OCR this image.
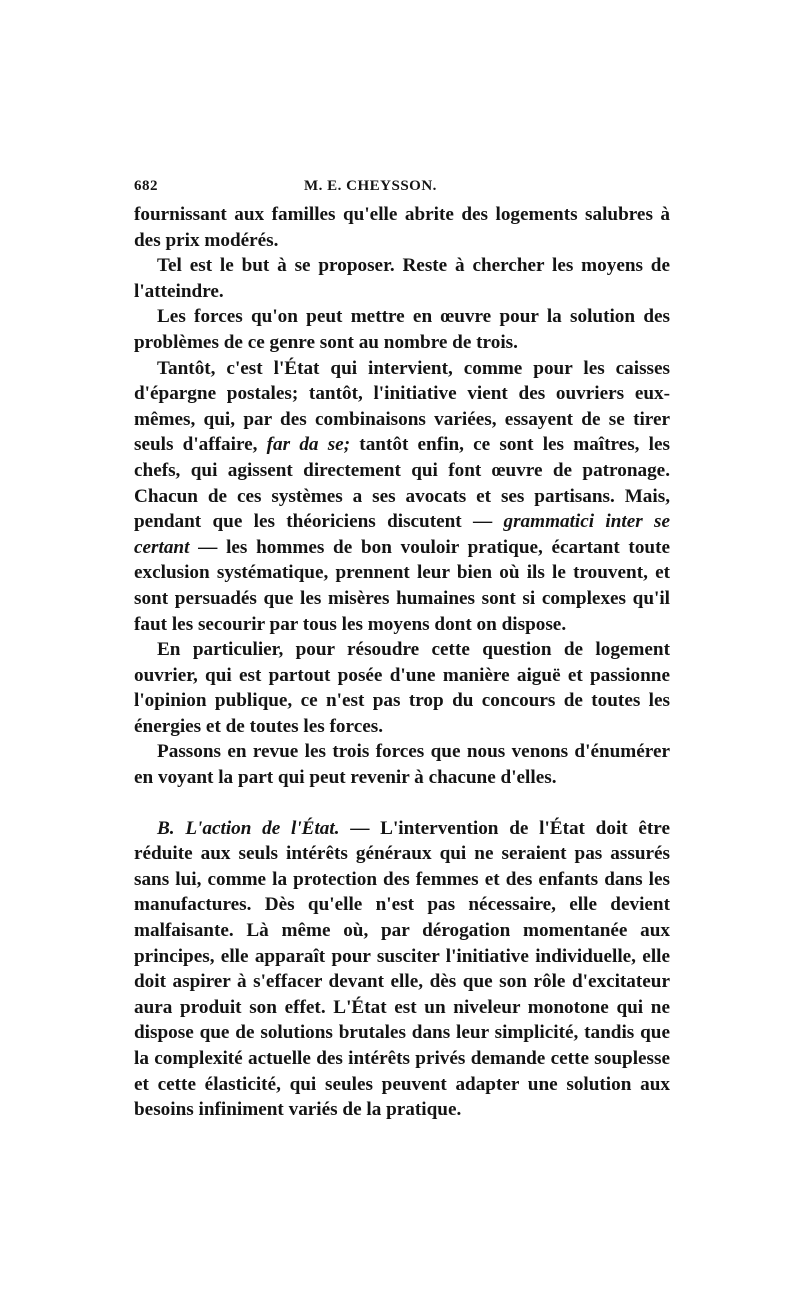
682	M. E. CHEYSSON.

fournissant aux familles qu'elle abrite des logements salubres à des prix modérés.

Tel est le but à se proposer. Reste à chercher les moyens de l'atteindre.

Les forces qu'on peut mettre en œuvre pour la solution des problèmes de ce genre sont au nombre de trois.

Tantôt, c'est l'État qui intervient, comme pour les caisses d'épargne postales; tantôt, l'initiative vient des ouvriers eux-mêmes, qui, par des combinaisons variées, essayent de se tirer seuls d'affaire, far da se; tantôt enfin, ce sont les maîtres, les chefs, qui agissent directement qui font œuvre de patronage. Chacun de ces systèmes a ses avocats et ses partisans. Mais, pendant que les théoriciens discutent — grammatici inter se certant — les hommes de bon vouloir pratique, écartant toute exclusion systématique, prennent leur bien où ils le trouvent, et sont persuadés que les misères humaines sont si complexes qu'il faut les secourir par tous les moyens dont on dispose.

En particulier, pour résoudre cette question de logement ouvrier, qui est partout posée d'une manière aiguë et passionne l'opinion publique, ce n'est pas trop du concours de toutes les énergies et de toutes les forces.

Passons en revue les trois forces que nous venons d'énumérer en voyant la part qui peut revenir à chacune d'elles.

B. L'action de l'État. — L'intervention de l'État doit être réduite aux seuls intérêts généraux qui ne seraient pas assurés sans lui, comme la protection des femmes et des enfants dans les manufactures. Dès qu'elle n'est pas nécessaire, elle devient malfaisante. Là même où, par dérogation momentanée aux principes, elle apparaît pour susciter l'initiative individuelle, elle doit aspirer à s'effacer devant elle, dès que son rôle d'excitateur aura produit son effet. L'État est un niveleur monotone qui ne dispose que de solutions brutales dans leur simplicité, tandis que la complexité actuelle des intérêts privés demande cette souplesse et cette élasticité, qui seules peuvent adapter une solution aux besoins infiniment variés de la pratique.
